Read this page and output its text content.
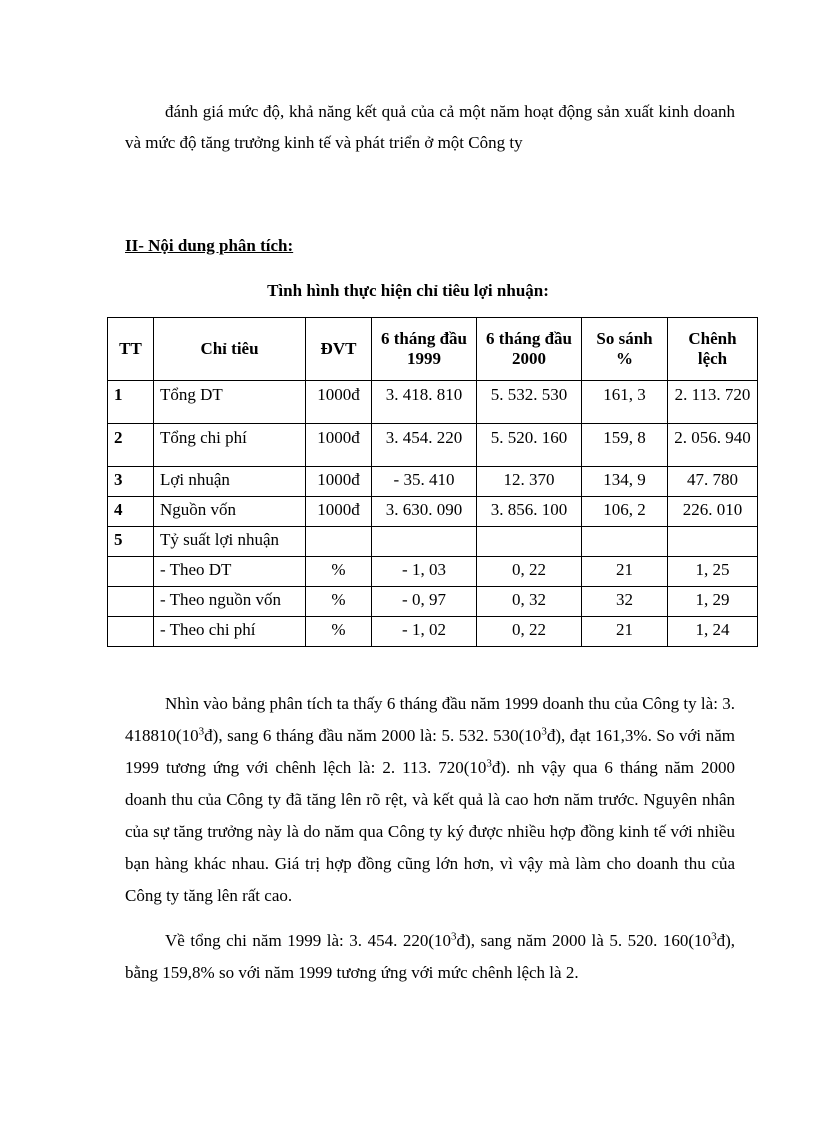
đánh giá mức độ, khả năng kết quả của cả một năm hoạt động sản xuất kinh doanh và mức độ tăng trưởng kinh tế và phát triển ở một Công ty

II- Nội dung phân tích:

Tình hình thực hiện chỉ tiêu lợi nhuận:

TT	Chỉ tiêu	ĐVT	6 tháng đầu 1999	6 tháng đầu 2000	So sánh %	Chênh lệch
1	Tổng DT	1000đ	3. 418. 810	5. 532. 530	161, 3	2. 113. 720
2	Tổng chi phí	1000đ	3. 454. 220	5. 520. 160	159, 8	2. 056. 940
3	Lợi nhuận	1000đ	- 35. 410	12. 370	134, 9	47. 780
4	Nguồn vốn	1000đ	3. 630. 090	3. 856. 100	106, 2	226. 010
5	Tỷ suất lợi nhuận					
	- Theo DT	%	- 1, 03	0, 22	21	1, 25
	- Theo nguồn vốn	%	- 0, 97	0, 32	32	1, 29
	- Theo chi phí	%	- 1, 02	0, 22	21	1, 24

Nhìn vào bảng phân tích ta thấy 6 tháng đầu năm 1999 doanh thu của Công ty là: 3. $418810(10^3đ)$, sang 6 tháng đầu năm 2000 là: 5. 532. $530(10^3đ)$, đạt 161,3%. So với năm 1999 tương ứng với chênh lệch là: 2. 113. $720(10^3đ)$. nh vậy qua 6 tháng năm 2000 doanh thu của Công ty đã tăng lên rõ rệt, và kết quả là cao hơn năm trước. Nguyên nhân của sự tăng trưởng này là do năm qua Công ty ký được nhiều hợp đồng kinh tế với nhiều bạn hàng khác nhau. Giá trị hợp đồng cũng lớn hơn, vì vậy mà làm cho doanh thu của Công ty tăng lên rất cao.

Về tổng chi năm 1999 là: 3. 454. $220(10^3đ)$, sang năm 2000 là 5. 520. $160(10^3đ)$, bằng 159,8% so với năm 1999 tương ứng với mức chênh lệch là 2.
